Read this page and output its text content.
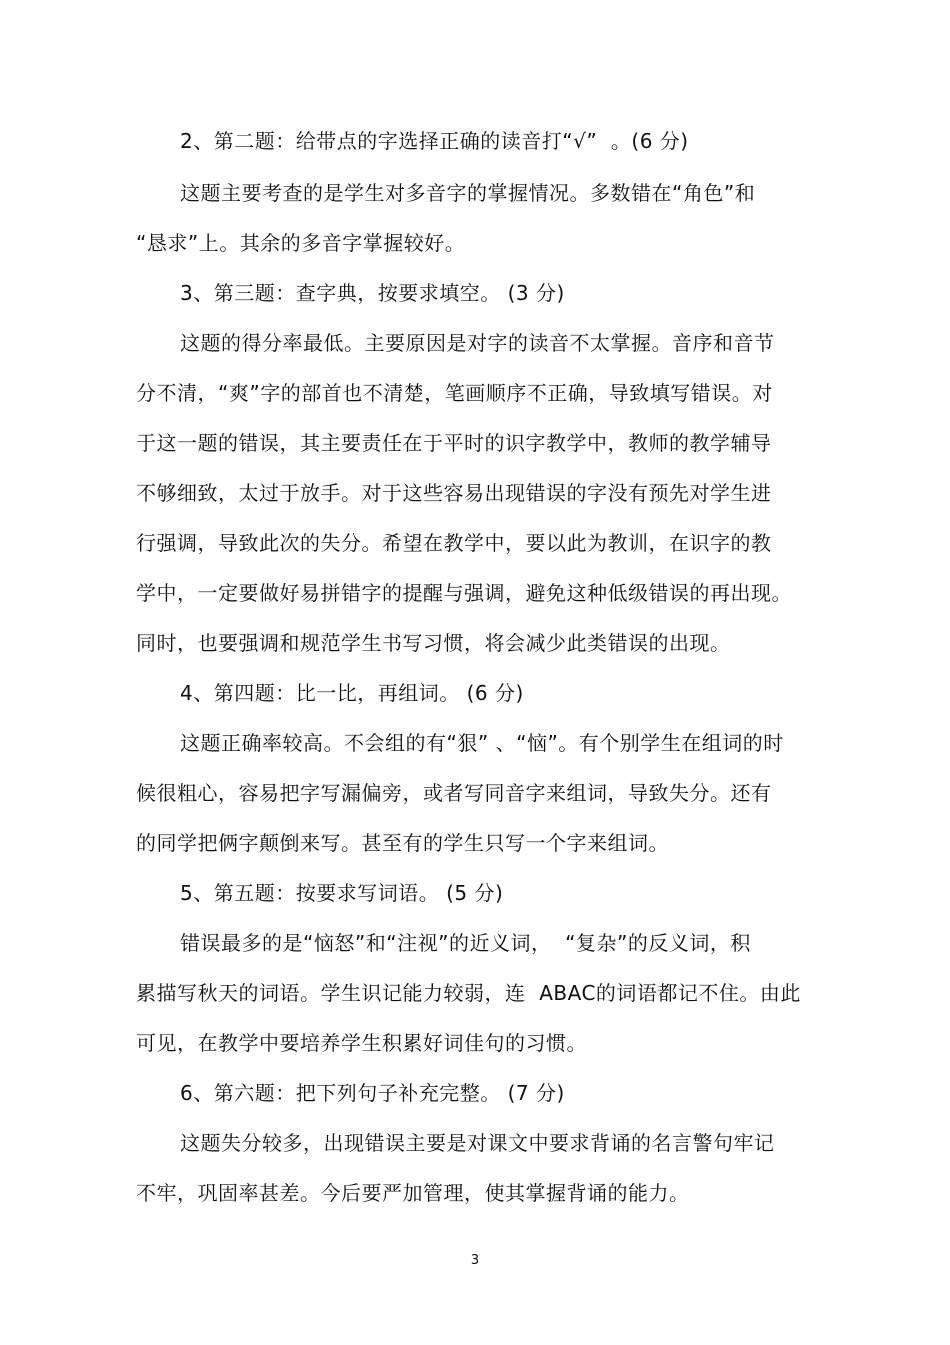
2、第二题：给带点的字选择正确的读音打“√”  。(6 分)
这题主要考查的是学生对多音字的掌握情况。多数错在“角色”和
“恳求”上。其余的多音字掌握较好。
3、第三题：查字典，按要求填空。 (3 分)
这题的得分率最低。主要原因是对字的读音不太掌握。音序和音节
分不清，“爽”字的部首也不清楚，笔画顺序不正确，导致填写错误。对
于这一题的错误，其主要责任在于平时的识字教学中，教师的教学辅导
不够细致，太过于放手。对于这些容易出现错误的字没有预先对学生进
行强调，导致此次的失分。希望在教学中，要以此为教训，在识字的教
学中，一定要做好易拼错字的提醒与强调，避免这种低级错误的再出现。
同时，也要强调和规范学生书写习惯，将会减少此类错误的出现。
4、第四题：比一比，再组词。 (6 分)
这题正确率较高。不会组的有“狠” 、“恼”。有个别学生在组词的时
候很粗心，容易把字写漏偏旁，或者写同音字来组词，导致失分。还有
的同学把俩字颠倒来写。甚至有的学生只写一个字来组词。
5、第五题：按要求写词语。 (5 分)
错误最多的是“恼怒”和“注视”的近义词，  “复杂”的反义词，积
累描写秋天的词语。学生识记能力较弱，连  ABAC的词语都记不住。由此
可见，在教学中要培养学生积累好词佳句的习惯。
6、第六题：把下列句子补充完整。 (7 分)
这题失分较多，出现错误主要是对课文中要求背诵的名言警句牢记
不牢，巩固率甚差。今后要严加管理，使其掌握背诵的能力。
3
